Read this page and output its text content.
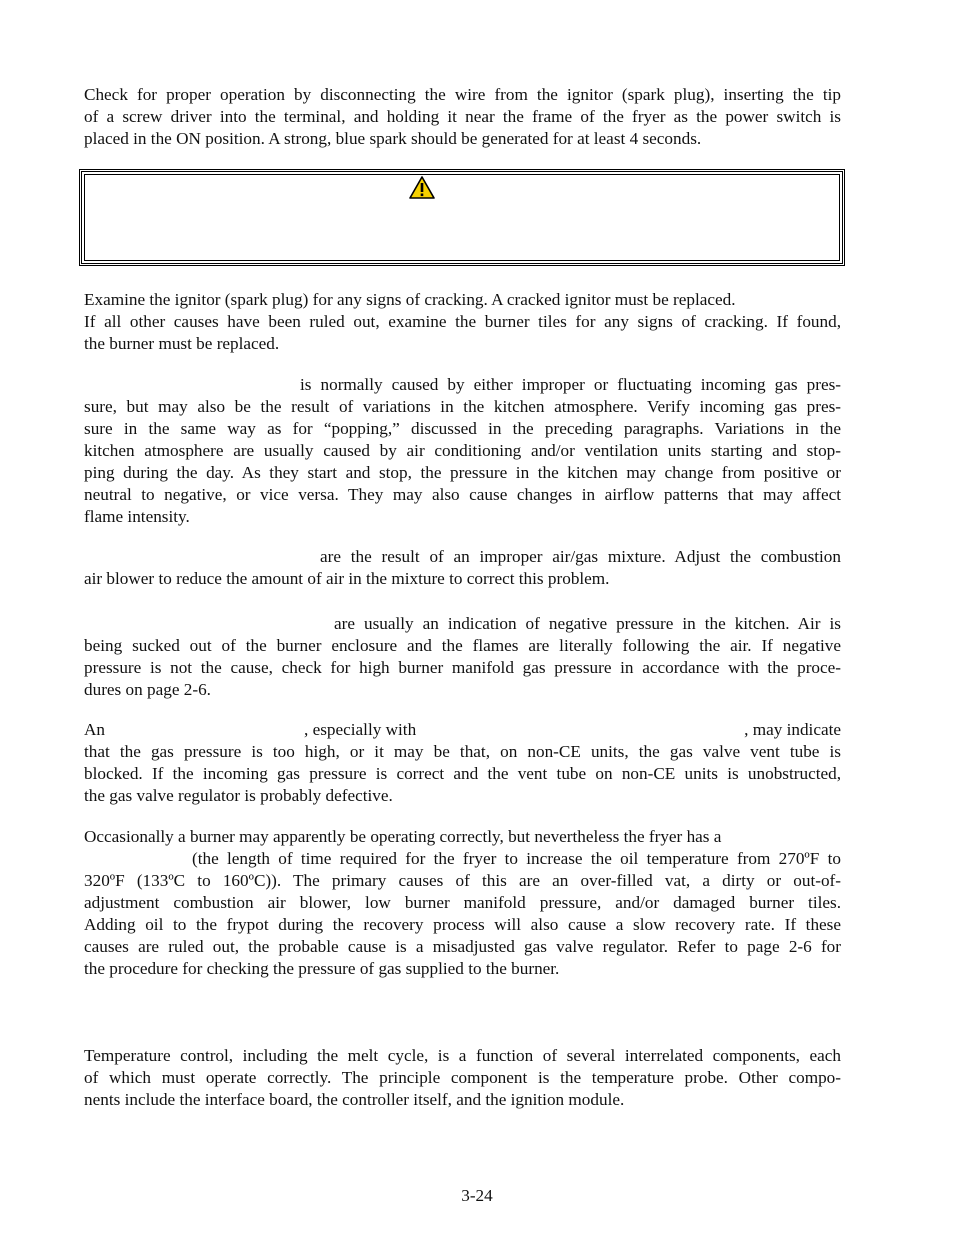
Check for proper operation by disconnecting the wire from the ignitor (spark plug), inserting the tip
of a screw driver into the terminal, and holding it near the frame of the fryer as the power switch is
placed in the ON position. A strong, blue spark should be generated for at least 4 seconds.
Examine the ignitor (spark plug) for any signs of cracking. A cracked ignitor must be replaced.
If all other causes have been ruled out, examine the burner tiles for any signs of cracking. If found,
the burner must be replaced.
is normally caused by either improper or fluctuating incoming gas pres-
sure, but may also be the result of variations in the kitchen atmosphere. Verify incoming gas pres-
sure in the same way as for “popping,” discussed in the preceding paragraphs. Variations in the
kitchen atmosphere are usually caused by air conditioning and/or ventilation units starting and stop-
ping during the day. As they start and stop, the pressure in the kitchen may change from positive or
neutral to negative, or vice versa. They may also cause changes in airflow patterns that may affect
flame intensity.
are the result of an improper air/gas mixture. Adjust the combustion
air blower to reduce the amount of air in the mixture to correct this problem.
are usually an indication of negative pressure in the kitchen. Air is
being sucked out of the burner enclosure and the flames are literally following the air. If negative
pressure is not the cause, check for high burner manifold gas pressure in accordance with the proce-
dures on page 2-6.
An	, especially with	, may indicate
that the gas pressure is too high, or it may be that, on non-CE units, the gas valve vent tube is
blocked. If the incoming gas pressure is correct and the vent tube on non-CE units is unobstructed,
the gas valve regulator is probably defective.
Occasionally a burner may apparently be operating correctly, but nevertheless the fryer has a
(the length of time required for the fryer to increase the oil temperature from 270ºF to
320ºF (133ºC to 160ºC)). The primary causes of this are an over-filled vat, a dirty or out-of-
adjustment combustion air blower, low burner manifold pressure, and/or damaged burner tiles.
Adding oil to the frypot during the recovery process will also cause a slow recovery rate. If these
causes are ruled out, the probable cause is a misadjusted gas valve regulator. Refer to page 2-6 for
the procedure for checking the pressure of gas supplied to the burner.
Temperature control, including the melt cycle, is a function of several interrelated components, each
of which must operate correctly. The principle component is the temperature probe. Other compo-
nents include the interface board, the controller itself, and the ignition module.
3-24
